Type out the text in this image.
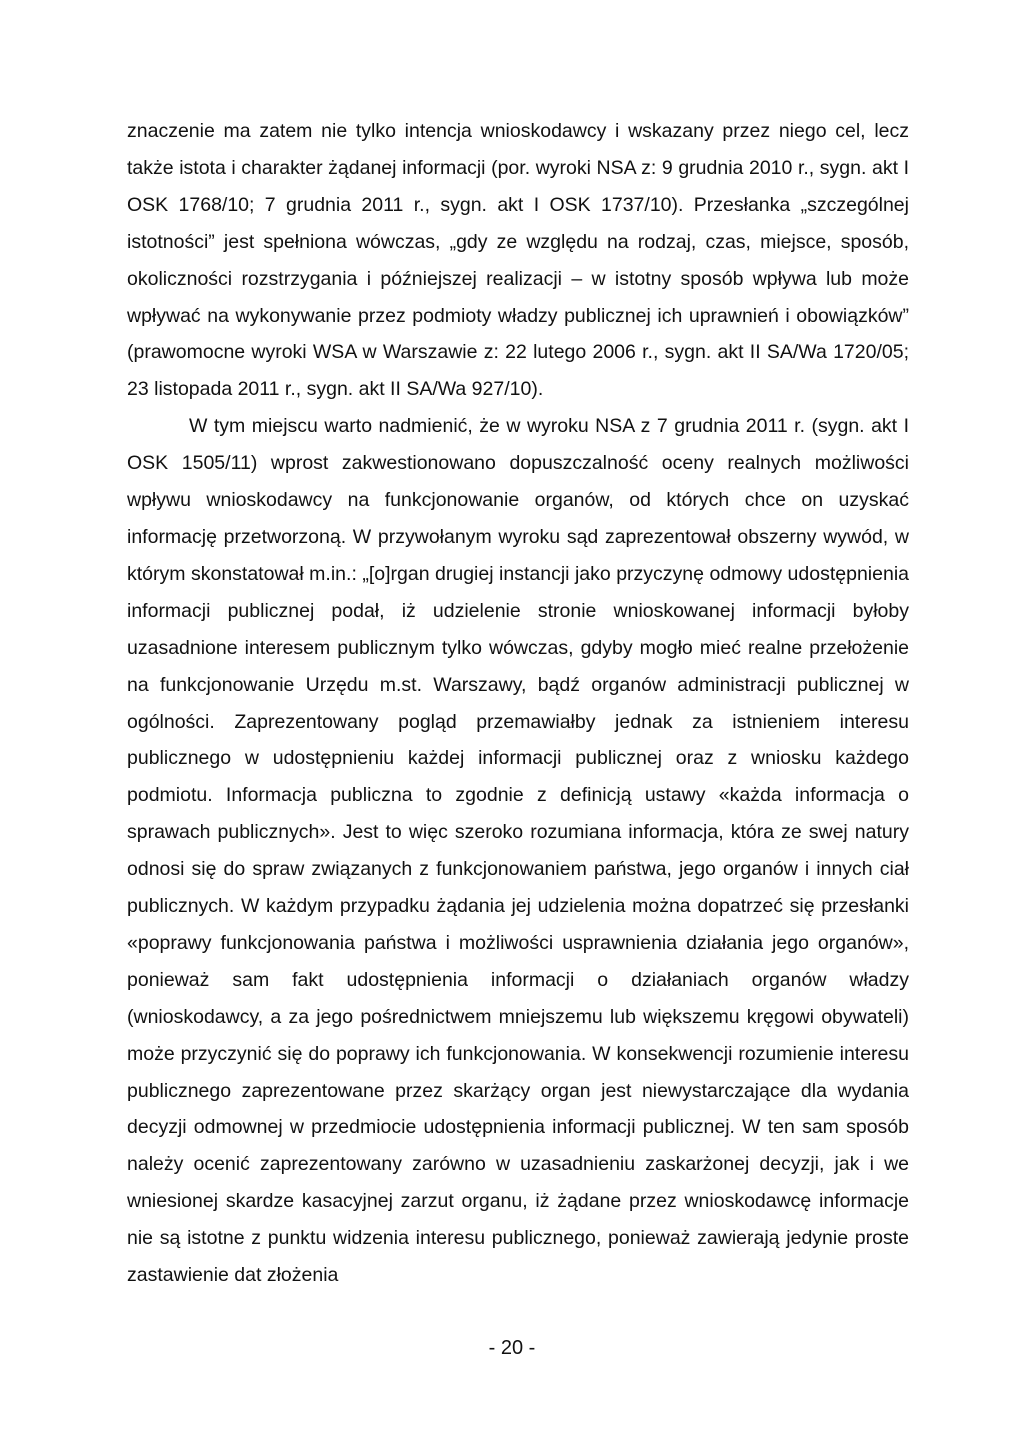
znaczenie ma zatem nie tylko intencja wnioskodawcy i wskazany przez niego cel, lecz także istota i charakter żądanej informacji (por. wyroki NSA z: 9 grudnia 2010 r., sygn. akt I OSK 1768/10; 7 grudnia 2011 r., sygn. akt I OSK 1737/10). Przesłanka „szczególnej istotności” jest spełniona wówczas, „gdy ze względu na rodzaj, czas, miejsce, sposób, okoliczności rozstrzygania i późniejszej realizacji – w istotny sposób wpływa lub może wpływać na wykonywanie przez podmioty władzy publicznej ich uprawnień i obowiązków” (prawomocne wyroki WSA w Warszawie z: 22 lutego 2006 r., sygn. akt II SA/Wa 1720/05; 23 listopada 2011 r., sygn. akt II SA/Wa 927/10).

W tym miejscu warto nadmienić, że w wyroku NSA z 7 grudnia 2011 r. (sygn. akt I OSK 1505/11) wprost zakwestionowano dopuszczalność oceny realnych możliwości wpływu wnioskodawcy na funkcjonowanie organów, od których chce on uzyskać informację przetworzoną. W przywołanym wyroku sąd zaprezentował obszerny wywód, w którym skonstatował m.in.: „[o]rgan drugiej instancji jako przyczynę odmowy udostępnienia informacji publicznej podał, iż udzielenie stronie wnioskowanej informacji byłoby uzasadnione interesem publicznym tylko wówczas, gdyby mogło mieć realne przełożenie na funkcjonowanie Urzędu m.st. Warszawy, bądź organów administracji publicznej w ogólności. Zaprezentowany pogląd przemawiałby jednak za istnieniem interesu publicznego w udostępnieniu każdej informacji publicznej oraz z wniosku każdego podmiotu. Informacja publiczna to zgodnie z definicją ustawy «każda informacja o sprawach publicznych». Jest to więc szeroko rozumiana informacja, która ze swej natury odnosi się do spraw związanych z funkcjonowaniem państwa, jego organów i innych ciał publicznych. W każdym przypadku żądania jej udzielenia można dopatrzeć się przesłanki «poprawy funkcjonowania państwa i możliwości usprawnienia działania jego organów», ponieważ sam fakt udostępnienia informacji o działaniach organów władzy (wnioskodawcy, a za jego pośrednictwem mniejszemu lub większemu kręgowi obywateli) może przyczynić się do poprawy ich funkcjonowania. W konsekwencji rozumienie interesu publicznego zaprezentowane przez skarżący organ jest niewystarczające dla wydania decyzji odmownej w przedmiocie udostępnienia informacji publicznej. W ten sam sposób należy ocenić zaprezentowany zarówno w uzasadnieniu zaskarżonej decyzji, jak i we wniesionej skardze kasacyjnej zarzut organu, iż żądane przez wnioskodawcę informacje nie są istotne z punktu widzenia interesu publicznego, ponieważ zawierają jedynie proste zastawienie dat złożenia

- 20 -
